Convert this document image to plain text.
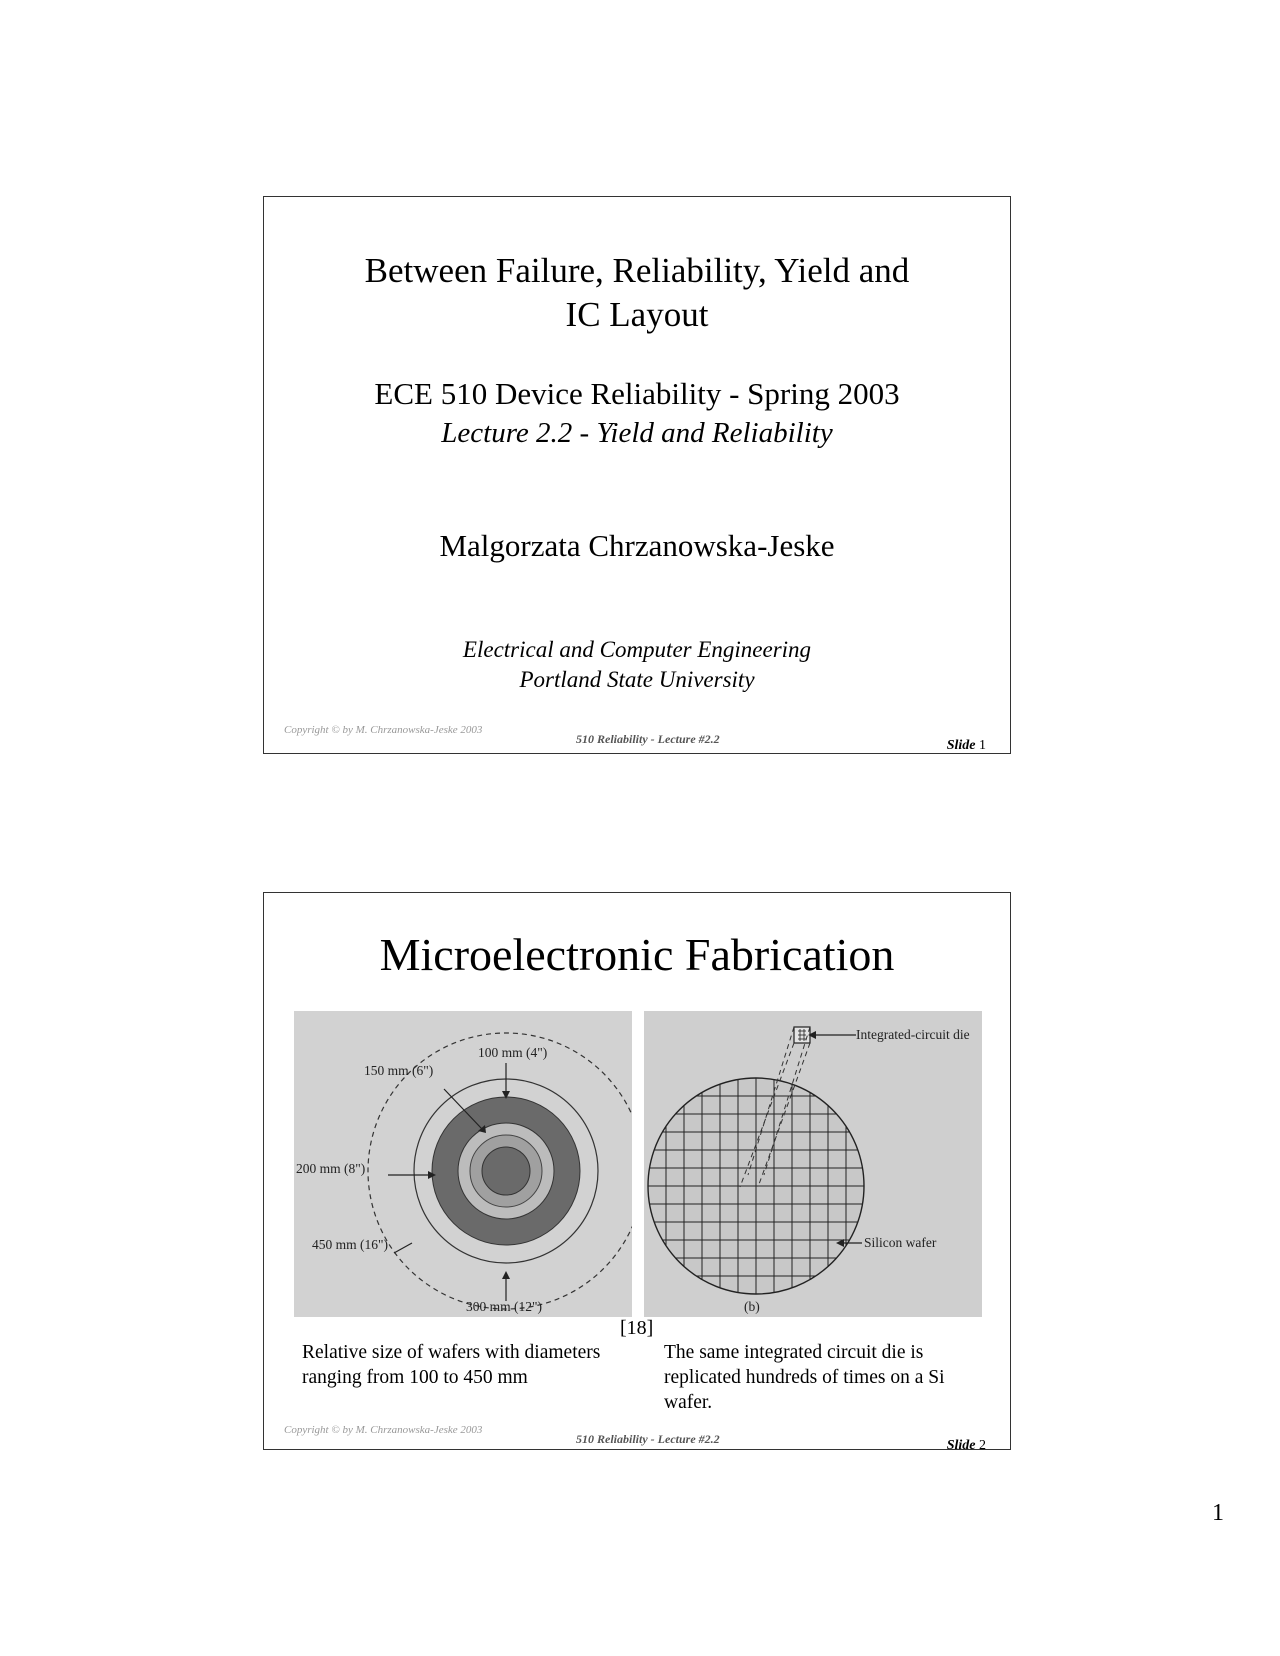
Between Failure, Reliability, Yield and
IC Layout
ECE 510 Device Reliability - Spring 2003
Lecture 2.2 - Yield and Reliability
Malgorzata Chrzanowska-Jeske
Electrical and Computer Engineering
Portland State University
Copyright © by M. Chrzanowska-Jeske 2003
510 Reliability - Lecture #2.2	Slide 1
Microelectronic Fabrication
100 mm (4")
150 mm (6")
200 mm (8")
450 mm (16")
300 mm (12")
Integrated-circuit die
Silicon wafer
(b)
[18]
Relative size of wafers with diameters ranging from 100 to 450 mm
The same integrated circuit die is replicated hundreds of times on a Si wafer.
Copyright © by M. Chrzanowska-Jeske 2003
510 Reliability - Lecture #2.2	Slide 2
1
